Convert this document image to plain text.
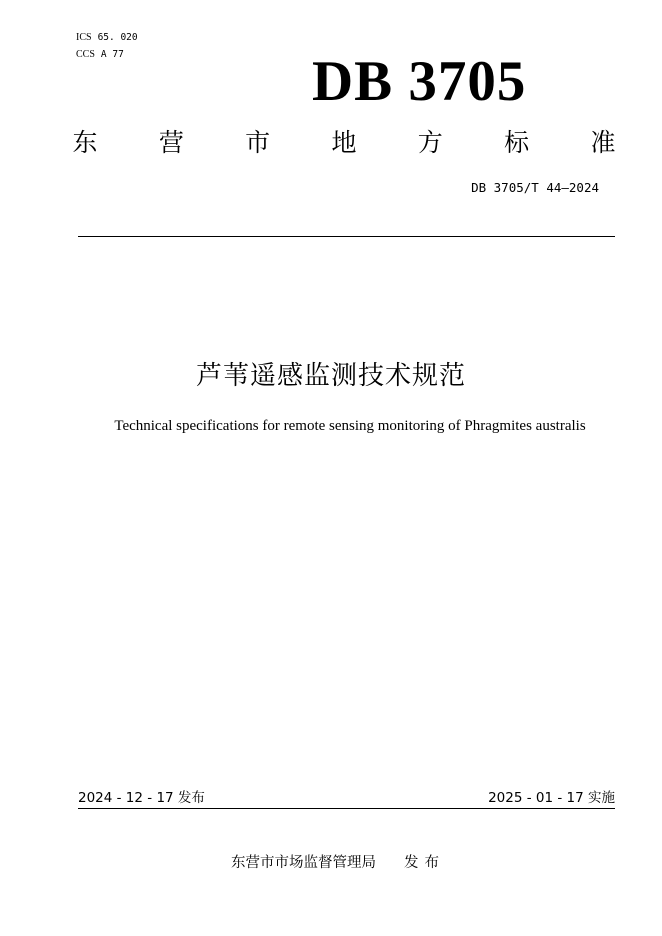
ICS 65. 020
CCS A 77	DB 3705
东 营 市 地 方 标 准
DB 3705/T 44—2024
芦苇遥感监测技术规范
Technical specifications for remote sensing monitoring of Phragmites australis
2024 - 12 - 17 发布	2025 - 01 - 17 实施
东营市市场监督管理局 发布
